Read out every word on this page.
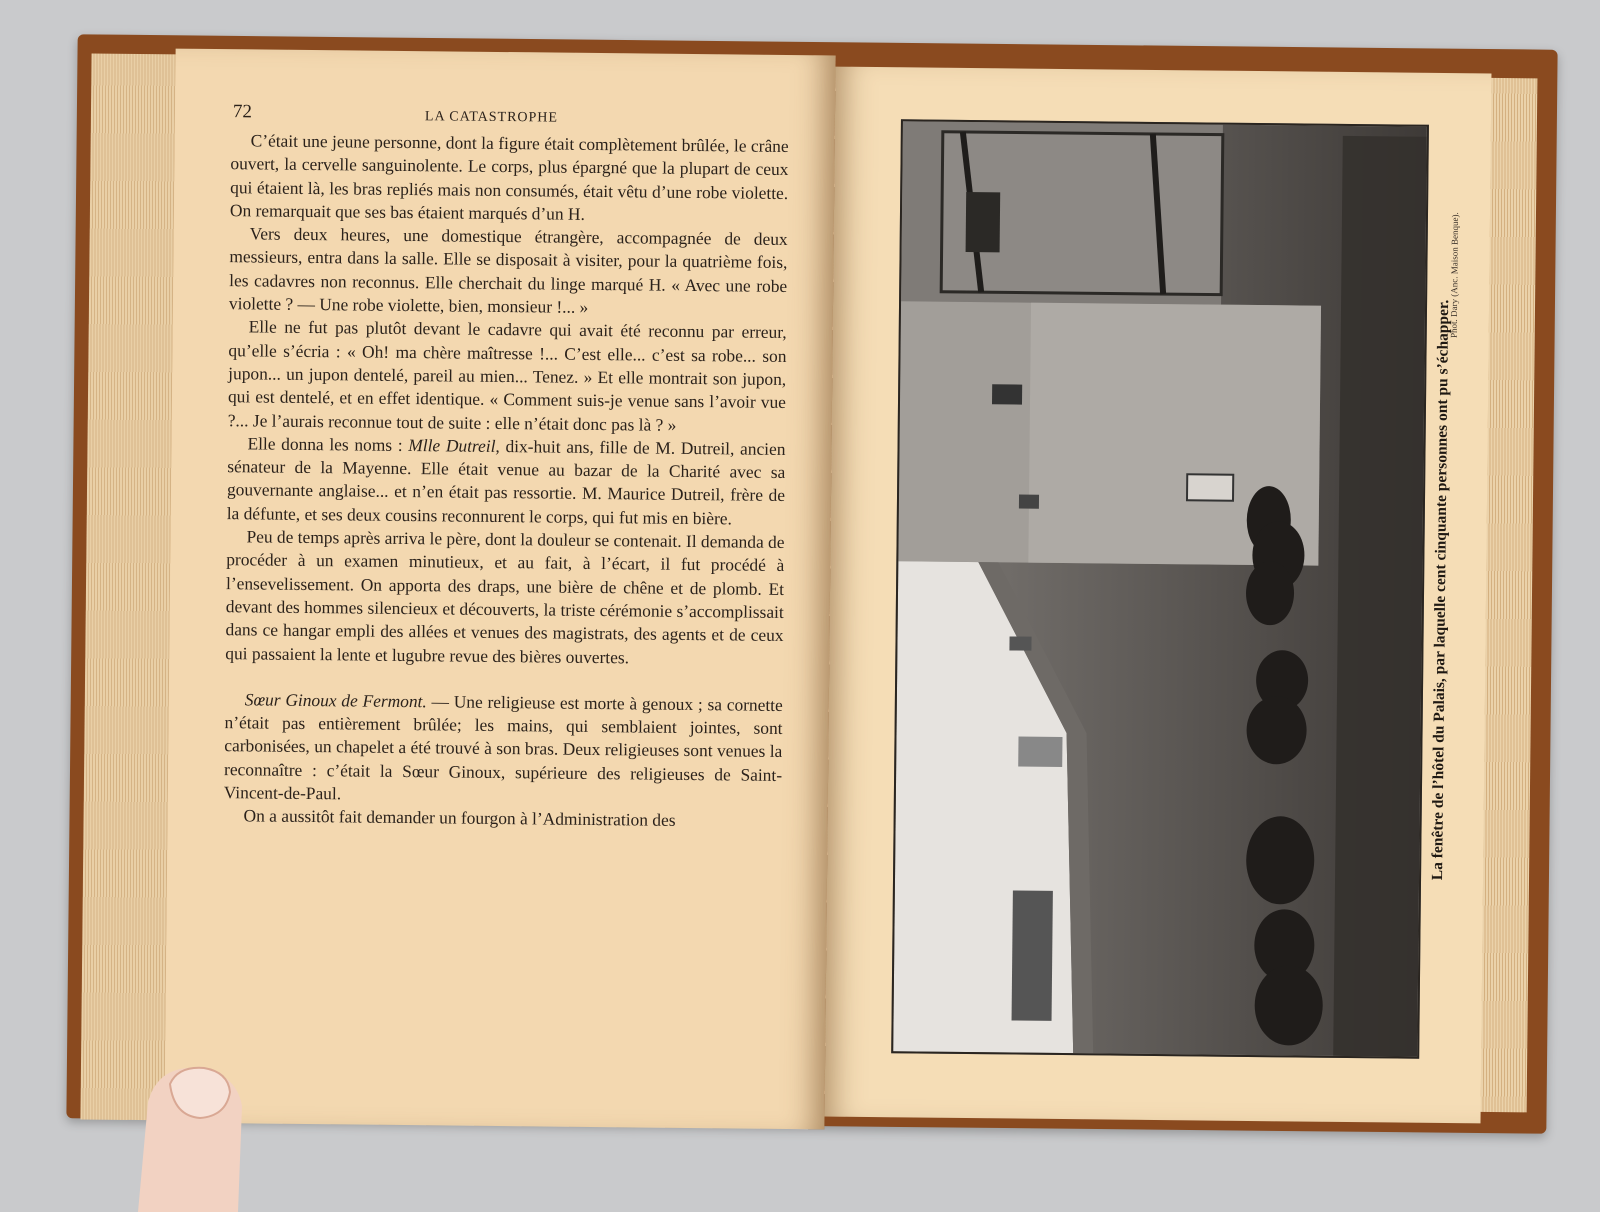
72	LA CATASTROPHE

C’était une jeune personne, dont la figure était complètement brûlée, le crâne ouvert, la cervelle sanguinolente. Le corps, plus épargné que la plupart de ceux qui étaient là, les bras repliés mais non consumés, était vêtu d’une robe violette. On remarquait que ses bas étaient marqués d’un H.

Vers deux heures, une domestique étrangère, accompagnée de deux messieurs, entra dans la salle. Elle se disposait à visiter, pour la quatrième fois, les cadavres non reconnus. Elle cherchait du linge marqué H. « Avec une robe violette ? — Une robe violette, bien, monsieur !... »

Elle ne fut pas plutôt devant le cadavre qui avait été reconnu par erreur, qu’elle s’écria : « Oh! ma chère maîtresse !... C’est elle... c’est sa robe... son jupon... un jupon dentelé, pareil au mien... Tenez. » Et elle montrait son jupon, qui est dentelé, et en effet identique. « Comment suis-je venue sans l’avoir vue ?... Je l’aurais reconnue tout de suite : elle n’était donc pas là ? »

Elle donna les noms : Mlle Dutreil, dix-huit ans, fille de M. Dutreil, ancien sénateur de la Mayenne. Elle était venue au bazar de la Charité avec sa gouvernante anglaise... et n’en était pas ressortie. M. Maurice Dutreil, frère de la défunte, et ses deux cousins reconnurent le corps, qui fut mis en bière.

Peu de temps après arriva le père, dont la douleur se contenait. Il demanda de procéder à un examen minutieux, et au fait, à l’écart, il fut procédé à l’ensevelissement. On apporta des draps, une bière de chêne et de plomb. Et devant des hommes silencieux et découverts, la triste cérémonie s’accomplissait dans ce hangar empli des allées et venues des magistrats, des agents et de ceux qui passaient la lente et lugubre revue des bières ouvertes.

Sœur Ginoux de Fermont. — Une religieuse est morte à genoux ; sa cornette n’était pas entièrement brûlée; les mains, qui semblaient jointes, sont carbonisées, un chapelet a été trouvé à son bras. Deux religieuses sont venues la reconnaître : c’était la Sœur Ginoux, supérieure des religieuses de Saint-Vincent-de-Paul.

On a aussitôt fait demander un fourgon à l’Administration des	La fenêtre de l’hôtel du Palais, par laquelle cent cinquante personnes ont pu s’échapper.
Phot. Dary (Anc. Maison Benque).
